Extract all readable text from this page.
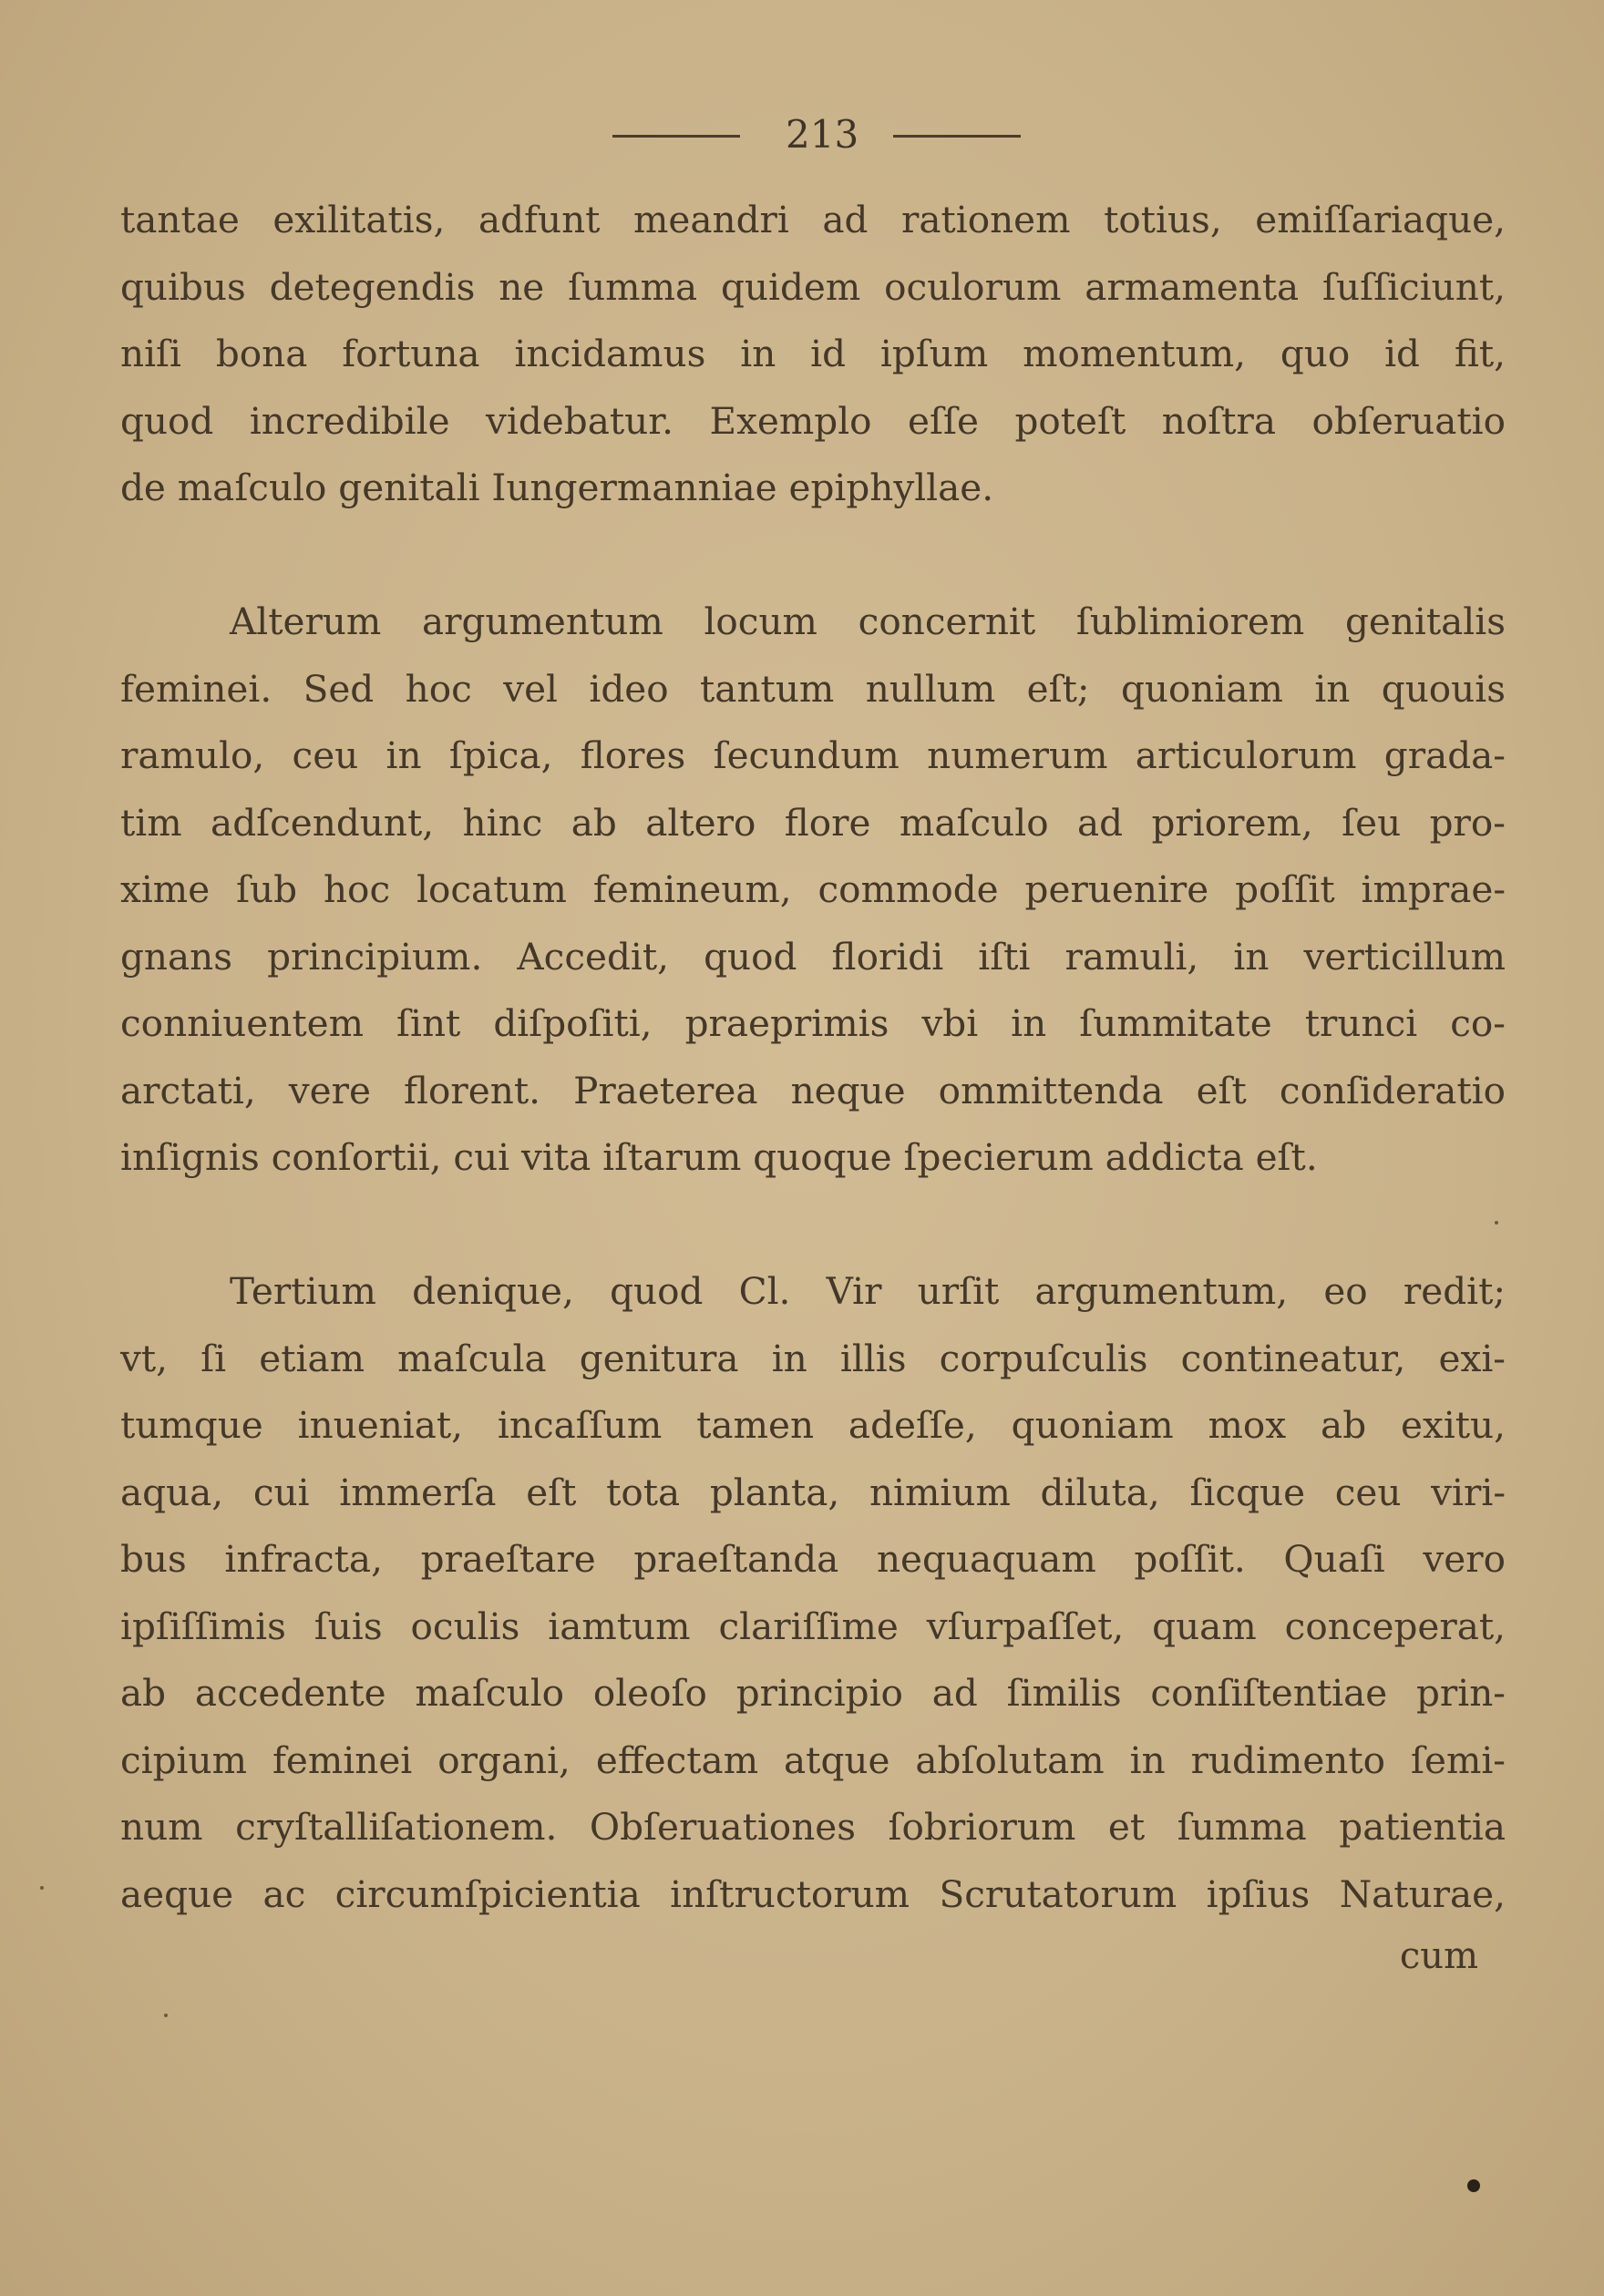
213
tantae exilitatis, adfunt meandri ad rationem totius, emiſſariaque,
quibus detegendis ne ſumma quidem oculorum armamenta ſuſſiciunt,
niſi bona fortuna incidamus in id ipſum momentum, quo id fit,
quod incredibile videbatur. Exemplo eſſe poteſt noſtra obſeruatio
de maſculo genitali Iungermanniae epiphyllae.
Alterum argumentum locum concernit ſublimiorem genitalis
feminei. Sed hoc vel ideo tantum nullum eſt; quoniam in quouis
ramulo, ceu in ſpica, flores ſecundum numerum articulorum grada-
tim adſcendunt, hinc ab altero flore maſculo ad priorem, ſeu pro-
xime ſub hoc locatum femineum, commode peruenire poſſit imprae-
gnans principium. Accedit, quod floridi iſti ramuli, in verticillum
conniuentem ſint diſpoſiti, praeprimis vbi in ſummitate trunci co-
arctati, vere florent. Praeterea neque ommittenda eſt conſideratio
inſignis conſortii, cui vita iſtarum quoque ſpecierum addicta eſt.
Tertium denique, quod Cl. Vir urſit argumentum, eo redit;
vt, ſi etiam maſcula genitura in illis corpuſculis contineatur, exi-
tumque inueniat, incaſſum tamen adeſſe, quoniam mox ab exitu,
aqua, cui immerſa eſt tota planta, nimium diluta, ſicque ceu viri-
bus infracta, praeſtare praeſtanda nequaquam poſſit. Quaſi vero
ipſiſſimis ſuis oculis iamtum clariſſime vſurpaſſet, quam conceperat,
ab accedente maſculo oleoſo principio ad ſimilis conſiſtentiae prin-
cipium feminei organi, effectam atque abſolutam in rudimento ſemi-
num cryſtalliſationem. Obſeruationes ſobriorum et ſumma patientia
aeque ac circumſpicientia inſtructorum Scrutatorum ipſius Naturae,
cum
